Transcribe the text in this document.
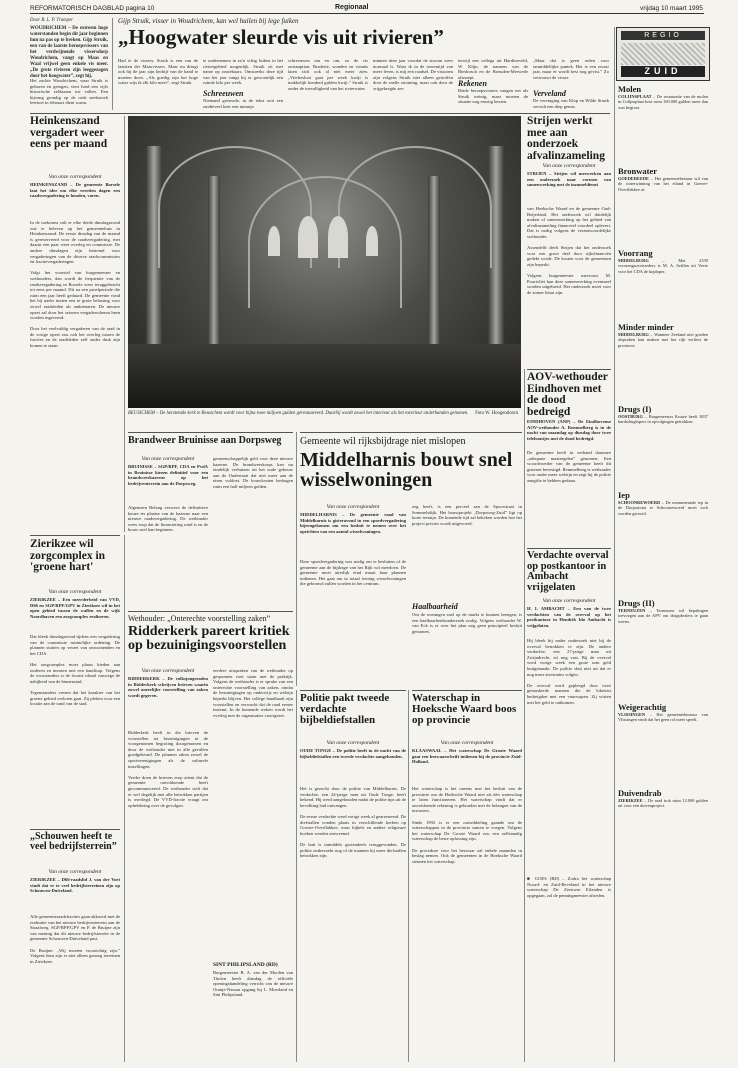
REFORMATORISCH DAGBLAD pagina 10	Regionaal	vrijdag 10 maart 1995
Door B. L. P. Tramper
WOUDRICHEM – De extreem hoge waterstanden begin dit jaar beginnen hun na pas op te breken. Gijp Struik, een van de laatste beroepsvissers van het verdwijnende vissersdorp Woudrichem, vangt op Maas en Waal vrijwel geen enkele vis meer. „De grote rivieren zijn leeggezogen door het hoogwater”, zegt hij.
Het zachte Woudrichem, waar Struik is geboren en getogen, viert hard een vijfs historische zeldzaam toe vullen. Een bijvang grondig op de rode snelstroek leertoet in februari dient warm.
Gijp Struik, visser in Woudrichem, kan wel huilen bij lege fuiken
„Hoogwater sleurde vis uit rivieren”
Had ie de vissery. Struik is een van de laatsten der Maasvissers. Maar nu dringt ook hij de jaar zijn bedrijf van de hand te moeten doen. „Als goedig zijn het hoge water wijs ik elk kilo meer”, zegt Struik.
te ondernemen in zo'n viftig fuiken in het riviertgebied mogenlijk. Struik zit met name op zoutebaars. Omstreeks deze tijd van het jaar vangt hij er gewoonlijk een ruimle kilo per week.
Schreeuwen
Niemand geeuwde, in de tekst ooit een zuidteveel keer een minutje.
schreeuwen om en om, zo de vis ontsnaption. Braderie, wonden en vonnis laten zich ook al niet meer zien. „Vierbesloot gaat per week kwijt is makkelijk honderd gulden kwijt.” Struik is onder de toevalligheid van het rivierwater.
minnen deze jaar voordat de stroom weer normaal is. Waar ik in de toerentijd van meer leven, is mij een raadsel. De visstorm zijn volgens Struik niet alleen getroffen door de snelle stroming, maar ook door de vrijgekregde zee.
terwijl een collega uit Hardinxveld, W. Klijn, de namens van de Biesbosch en de Boeuden-Merwede afsnoept.
Rekenen
Beide beroepsvissers vangen net als Struik weinig, maar moeten de situatie nog ernstig bezien.
„Maar dat is geen reden voor onmiddellijke paniek. Het is een zwaar jaar, maar er wordt best nog gevist.” Zo vertrouwt de visser.
Verveland
De vereniging van Klop en Wilde Struik vervult een diep gemis.
REGIO
ZUID
Heinkenszand vergadert weer eens per maand
Van onze correspondent
HEINKENSZAND – De gemeente Borsele laat het idee om elke veertien dagen een raadsvergadering te houden, varen.
In de toekomst valt er elke derde dinsdagavond wat te beleven op het gemeentehuis in Heinkenszand. De eerste dinsdag van de maand is gereserveerd voor de raadsvergadering, met daarin een paar weer overleg en commissie. De andere dinsdagen zijn bestemd voor vergaderingen van de diverse raadscommissies en fractievergaderingen.

Volgt het voorstel van burgemeester en wethouders, dan wordt de frequentie van de raadsvergadering in Borsele weer teruggebracht tot eens per maand. Dit na een proefperiode die ruim een jaar heeft geduurd. De gemeente vond het bij nader inzien een te grote belasting voor zowel raadsleden als ambtenaren. De nieuwe opzet zal door het seizoen vergaderschema heen worden ingevoerd.

Door het veelvuldig vergaderen van de raad in de vorige opzet zou ook het overleg tussen de fracties en de raadsleden zelf onder druk zijn komen te staan.
BEUSICHEM – De herstemde kerk te Beusichem wordt voor bijna twee miljoen gulden gerestaureerd. Daarbij wordt zowel het interieur als het exterieur onderhanden genomen. Foto W. Hoogendoorn
Strijen werkt mee aan onderzoek afvalinzameling
Van onze correspondent
STRIJEN – Strijen wil meewerken aan een onderzoek naar vormen van samenwerking met de inzameldienst
van Hoeksche Waard en de gemeente Oud-Beijerland. Het onderzoek wil duidelijk maken of samenwerking op het gebied van afvalinzameling financieel voordeel oplevert. Dat is nodig volgens de verantwoordelijke wethouder.

Assendelft deelt Strijen dat het onderzoek voor een groot deel door rijksfinanciën gedekt wordt. De kosten voor de gemeenten zijn beperkt.

Volgens burgemeester mevrouw M. Poortvliet kan deze samenwerking eventueel worden uitgebreid. Het onderzoek moet voor de zomer klaar zijn.
AOV-wethouder Eindhoven met de dood bedreigd
EINDHOVEN (ANP) – De Eindhovense AOV-wethouder A. Remmelberg is in de nacht van maandag op dinsdag door twee telefoontjes met de dood bedreigd.
De gemeente heeft in verband daarmee „adequate maatregelen” genomen. Een woordvoerder van de gemeente heeft dit gisteren bevestigd. Remmelberg is wethouder voor onder meer welzijn en zegt hij de politie aangifte te hebben gedaan.
Verdachte overval op postkantoor in Ambacht vrijgelaten
Van onze correspondent
H. I. AMBACHT – Een van de twee verdachten van de overval op het postkantoor in Hendrik Ido Ambacht is vrijgelaten.
Hij bleek bij nader onderzoek niet bij de overval betrokken te zijn. De andere verdachte, een 27-jarige man uit Zwijndrecht, zit nog vast. Bij de overval werd vorige week een grote som geld buitgemaakt. De politie sluit niet uit dat er nog meer arrestaties volgen.

De overval werd gepleegd door twee gemaskerde mannen die de lokettist bedreigden met een vuurwapen. Zij wisten met het geld te ontkomen.
■ GOES (RD) – Zodra het waterschap Noord- en Zuid-Beveland in het nieuwe waterschap De Zeeuwse Eilanden is opgegaan, zal de penningmeester aftreden.
Zierikzee wil zorgcomplex in 'groene hart'
Van onze correspondent
ZIERIKZEE – Een meerderheid van VVD, D66 en SGP/RPF/GPV in Zierikzee wil in het open gebied tussen de wallen en de wijk Noordhaven een zorgcomplex realiseren.
Dat bleek dinsdagavond tijdens een vergadering van de commissie ruimtelijke ordening. De plannen stuiten op verzet van omwonenden en het CDA.

Het zorgcomplex moet plaats bieden aan ouderen en mensen met een handicap. Volgens de voorstanders is de locatie ideaal vanwege de nabijheid van de binnenstad.

Tegenstanders vrezen dat het karakter van het groene gebied verloren gaat. Zij pleiten voor een locatie aan de rand van de stad.
„Schouwen heeft te veel bedrijfsterrein”
Van onze correspondent
ZIERIKZEE – D66-raadslid J. van der Voet vindt dat er te veel bedrijfsterreinen zijn op Schouwen-Duiveland.
Alle gemeenteraadsfracties gaan akkoord met de realisatie van het nieuwe bedrijventerrein aan de Straalweg. SGP/RPF/GPV en P. de Bruijne zijn van mening dat dit nieuwe bedrijfsterrein in de gemeente Schouwen-Duiveland past.

De Bruijne: „Wij moeten voorzichtig zijn.” Volgens hem zijn er niet alleen genoeg terreinen in Zierikzee.
Brandweer Bruinisse aan Dorpsweg
Van onze correspondent
BRUINISSE – SGP/RPF, CDA en PvdA in Bruinisse kiezen definitief voor een brandweerkazerne op het bedrijventerrein aan de Dorpsweg.
Algemeen Belang verwees de definitieve keuze ter plaatse van de kazerne naar een nieuwe raadsvergadering. De wethouder wees erop dat de financiering rond is en de bouw snel kan beginnen.
gemeenschappelijk geld voor deze nieuwe kazerne. De brandweerkorps kan nu eindelijk verhuizen uit het oude gebouw aan de Oudestraat dat niet meer aan de eisen voldoet. De bouwkosten bedragen ruim een half miljoen gulden.
Gemeente wil rijksbijdrage niet mislopen
Middelharnis bouwt snel wisselwoningen
Van onze correspondent
MIDDELHARNIS – De gemeente raad van Middelharnis is gisteravond in een spoedvergadering bijeengekomen om een besluit te nemen over het oprichten van een aantal wisselwoningen.
Deze spoedvergadering was nodig om te besluiten of de gemeente aan de bijdrage van het Rijk wil meedoen. De gemeente moet uiterlijk eind maart haar plannen indienen. Het gaat om in totaal twintig wisselwoningen die gebouwd zullen worden in het centrum.
zeg heeft, is een perceel aan de Spoorstraat in Sommelsdijk. Het bouwprojekt „Dorpsweg-Zuid” ligt op korte termijn. De komende tijd zal bekeken worden hoe het project precies wordt uitgevoerd.
Haalbaarheid
Om de woningen snel op de markt te kunnen brengen, is een haalbaarheidsonderzoek nodig. Volgens wethouder W. van Eck is er over het plan nog geen principieel besluit genomen.
Wethouder: „Onterechte voorstelling zaken”
Ridderkerk pareert kritiek op bezuinigingsvoorstellen
Van onze correspondent
RIDDERKERK – De volksjongeraden in Ridderkerk schrijven brieven waarin zowel oneerlijke voorstelling van zaken wordt gegeven.
Ridderkerk heeft in die brieven de voorstellen tot bezuinigingen in de voorgenomen begroting doorgenomen en door de wethouder niet in alle gevallen goedgekeurd. De plannen raken zowel de sportverenigingen als de culturele instellingen.

Verder doen de brieven erop attent dat de gemeente onvoldoende heeft gecommuniceerd. De wethouder stelt dat er wel degelijk met alle betrokken partijen is overlegd. De VVD-fractie vraagt om opheldering over de gevolgen.
eerdere uitspraken van de wethouder op gespannen voet staan met de praktijk. Volgens de wethouder is er sprake van een onterechte voorstelling van zaken, omdat de bezuinigingen op onderwijs en welzijn beperkt blijven. Het college handhaaft zijn voorstellen en verwacht dat de raad ermee instemt. In de komende weken wordt het overleg met de organisaties voortgezet.
SINT PHILIPSLAND (RD)
Burgemeester B. A. van der Moolen van Tholen heeft dinsdag de officiële openingshandeling verricht van de nieuwe Oranje-Nassau opgang bij L. Moerland en Sint Philipsland.
Politie pakt tweede verdachte bijbeldiefstallen
Van onze correspondent
OUDE TONGE – De politie heeft in de nacht van de bijbeldiefstallen een tweede verdachte aangehouden.
Het is gezocht door de politie van Middelharnis. De verdachte, een 24-jarige man uit Oude Tonge, heeft bekend. Hij werd aangehouden nadat de politie tips uit de bevolking had ontvangen.

De eerste verdachte werd vorige week al gearresteerd. De diefstallen vonden plaats in verschillende kerken op Goeree-Overflakkee, waar bijbels en andere religieuze boeken werden ontvreemd.

De buit is inmiddels grotendeels teruggevonden. De politie onderzoekt nog of de mannen bij meer diefstallen betrokken zijn.
Waterschap in Hoeksche Waard boos op provincie
Van onze correspondent
KLAASWAAL – Het waterschap De Groote Waard gaat een bezwaarschrift indienen bij de provincie Zuid-Holland.
Het waterschap is het oneens met het besluit van de provincie om de Hoeksche Waard niet als één waterschap te laten functioneren. Het waterschap vindt dat er onvoldoende rekening is gehouden met de belangen van de inwoners.

Sinds 1992 is er een ontwikkeling gaande om de waterschappen in de provincie samen te voegen. Volgens het waterschap De Groote Waard zou een zelfstandig waterschap de beste oplossing zijn.

De procedure voor het bezwaar zal enkele maanden in beslag nemen. Ook de gemeenten in de Hoeksche Waard steunen het waterschap.
Molen
COLIJNSPLAAT – De restauratie van de molen in Colijnsplaat kost ruim 100.000 gulden meer dan was begroot.
Bronwater
GOEDEREEDE – Het gemeentebestuur wil van de waterwinning van het eiland in Goeree-Overflakkee af.
Voorrang
MIDDELBURG – Met 2339 voorrangsovertreders is M. A. Seiflen uit Veere voor het CDA de koploper.
Minder minder
MIDDELBURG – Wanneer Zeeland niet goeden afspraken kan maken met het rijk verliest de provincie.
Drugs (I)
OOSTBURG – Burgemeester Kruize heeft 3837 hardsdruglopers in opvolgingen getrokken.
Iep
SCHOONREWOERD – De monumentale iep in de Dorpsstraat te Schoonrewoerd moet toch worden gerooid.
Drugs (II)
TERNEUZEN – Terneuzen wil bepalingen toevoegen aan de APV om drugsdealers te gaan weren.
Weigerachtig
VLISSINGEN – Het gemeentebestuur van Vlissingen vindt dat het geen rol meer speelt.
Duivendrab
ZIERIKZEE – De raad trok ruim 12.000 gulden uit voor een duivenproject.
